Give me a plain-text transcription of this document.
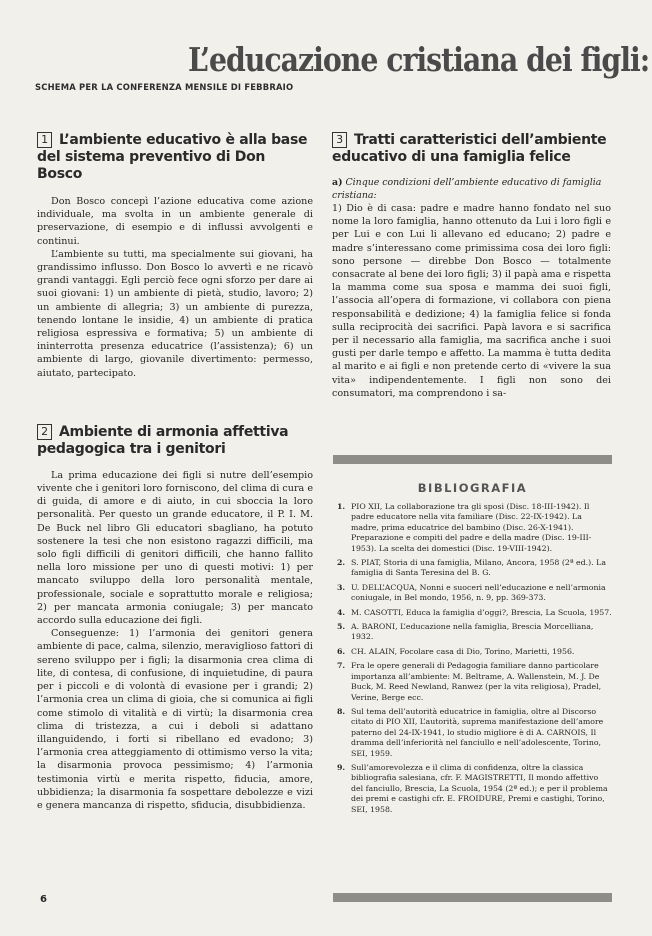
L’educazione cristiana dei figli:

SCHEMA PER LA CONFERENZA MENSILE DI FEBBRAIO

1 L’ambiente educativo è alla base del sistema preventivo di Don Bosco

Don Bosco concepì l’azione educativa come azione individuale, ma svolta in un ambiente generale di preservazione, di esempio e di influssi avvolgenti e continui.

L’ambiente su tutti, ma specialmente sui giovani, ha grandissimo influsso. Don Bosco lo avvertì e ne ricavò grandi vantaggi. Egli perciò fece ogni sforzo per dare ai suoi giovani: 1) un ambiente di pietà, studio, lavoro; 2) un ambiente di allegria; 3) un ambiente di purezza, tenendo lontane le insidie, 4) un ambiente di pratica religiosa espressiva e formativa; 5) un ambiente di ininterrotta presenza educatrice (l’assistenza); 6) un ambiente di largo, giovanile divertimento: permesso, aiutato, partecipato.

2 Ambiente di armonia affettiva pedagogica tra i genitori

La prima educazione dei figli si nutre dell’esempio vivente che i genitori loro forniscono, del clima di cura e di guida, di amore e di aiuto, in cui sboccia la loro personalità. Per questo un grande educatore, il P. I. M. De Buck nel libro Gli educatori sbagliano, ha potuto sostenere la tesi che non esistono ragazzi difficili, ma solo figli difficili di genitori difficili, che hanno fallito nella loro missione per uno di questi motivi: 1) per mancato sviluppo della loro personalità mentale, professionale, sociale e soprattutto morale e religiosa; 2) per mancata armonia coniugale; 3) per mancato accordo sulla educazione dei figli.

Conseguenze: 1) l’armonia dei genitori genera ambiente di pace, calma, silenzio, meraviglioso fattori di sereno sviluppo per i figli; la disarmonia crea clima di lite, di contesa, di confusione, di inquietudine, di paura per i piccoli e di volontà di evasione per i grandi; 2) l’armonia crea un clima di gioia, che si comunica ai figli come stimolo di vitalità e di virtù; la disarmonia crea clima di tristezza, a cui i deboli si adattano illanguidendo, i forti si ribellano ed evadono; 3) l’armonia crea atteggiamento di ottimismo verso la vita; la disarmonia provoca pessimismo; 4) l’armonia testimonia virtù e merita rispetto, fiducia, amore, ubbidienza; la disarmonia fa sospettare debolezze e vizi e genera mancanza di rispetto, sfiducia, disubbidienza.

3 Tratti caratteristici dell’ambiente educativo di una famiglia felice

a) Cinque condizioni dell’ambiente educativo di famiglia cristiana:

1) Dio è di casa: padre e madre hanno fondato nel suo nome la loro famiglia, hanno ottenuto da Lui i loro figli e per Lui e con Lui li allevano ed educano; 2) padre e madre s’interessano come primissima cosa dei loro figli: sono persone — direbbe Don Bosco — totalmente consacrate al bene dei loro figli; 3) il papà ama e rispetta la mamma come sua sposa e mamma dei suoi figli, l’associa all’opera di formazione, vi collabora con piena responsabilità e dedizione; 4) la famiglia felice si fonda sulla reciprocità dei sacrifici. Papà lavora e si sacrifica per il necessario alla famiglia, ma sacrifica anche i suoi gusti per darle tempo e affetto. La mamma è tutta dedita al marito e ai figli e non pretende certo di «vivere la sua vita» indipendentemente. I figli non sono dei consumatori, ma comprendono i sa-

BIBLIOGRAFIA
1. PIO XII, La collaborazione tra gli sposi (Disc. 18-III-1942). Il padre educatore nella vita familiare (Disc. 22-IX-1942). La madre, prima educatrice del bambino (Disc. 26-X-1941). Preparazione e compiti del padre e della madre (Disc. 19-III-1953). La scelta dei domestici (Disc. 19-VIII-1942).
2. S. PIAT, Storia di una famiglia, Milano, Ancora, 1958 (2ª ed.). La famiglia di Santa Teresina del B. G.
3. U. DELL’ACQUA, Nonni e suoceri nell’educazione e nell’armonia coniugale, in Bel mondo, 1956, n. 9, pp. 369-373.
4. M. CASOTTI, Educa la famiglia d’oggi?, Brescia, La Scuola, 1957.
5. A. BARONI, L’educazione nella famiglia, Brescia Morcelliana, 1932.
6. CH. ALAIN, Focolare casa di Dio, Torino, Marietti, 1956.
7. Fra le opere generali di Pedagogia familiare danno particolare importanza all’ambiente: M. Beltrame, A. Wallenstein, M. J. De Buck, M. Reed Newland, Ranwez (per la vita religiosa), Pradel, Verine, Berge ecc.
8. Sul tema dell’autorità educatrice in famiglia, oltre al Discorso citato di PIO XII, L’autorità, suprema manifestazione dell’amore paterno del 24-IX-1941, lo studio migliore è di A. CARNOIS, Il dramma dell’inferiorità nel fanciullo e nell’adolescente, Torino, SEI, 1959.
9. Sull’amorevolezza e il clima di confidenza, oltre la classica bibliografia salesiana, cfr. F. MAGISTRETTI, Il mondo affettivo del fanciullo, Brescia, La Scuola, 1954 (2ª ed.); e per il problema dei premi e castighi cfr. E. FROIDURE, Premi e castighi, Torino, SEI, 1958.

6
